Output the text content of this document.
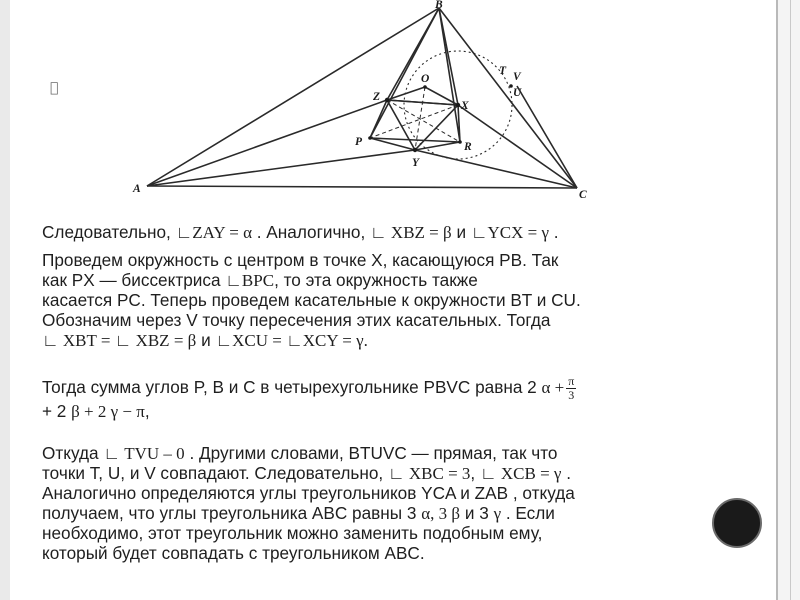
B
O
T V
U
Z
X
P	R
Y
A	C
Следовательно, ∟ZAY = α . Аналогично, ∟ XBZ = β и ∟YCX = γ .
Проведем окружность с центром в точке X, касающуюся PB. Так
как PX — биссектриса ∟BPC, то эта окружность также
касается PC. Теперь проведем касательные к окружности BT и CU.
Обозначим через V точку пересечения этих касательных. Тогда
∟ XBT = ∟ XBZ = β и ∟XCU = ∟XCY = γ.
Тогда сумма углов P, B и C в четырехугольнике PBVC равна 2 $\alpha + \frac{\pi}{3}$
+ 2 β + 2 γ − π,
Откуда ∟ TVU – 0 . Другими словами, BTUVC — прямая, так что
точки T, U, и V совпадают. Следовательно, ∟ XBC = 3, ∟ XCB = γ .
Аналогично определяются углы треугольников YCA и ZAB , откуда
получаем, что углы треугольника ABC равны 3 α, 3 β и 3 γ . Если
необходимо, этот треугольник можно заменить подобным ему,
который будет совпадать с треугольником ABC.
